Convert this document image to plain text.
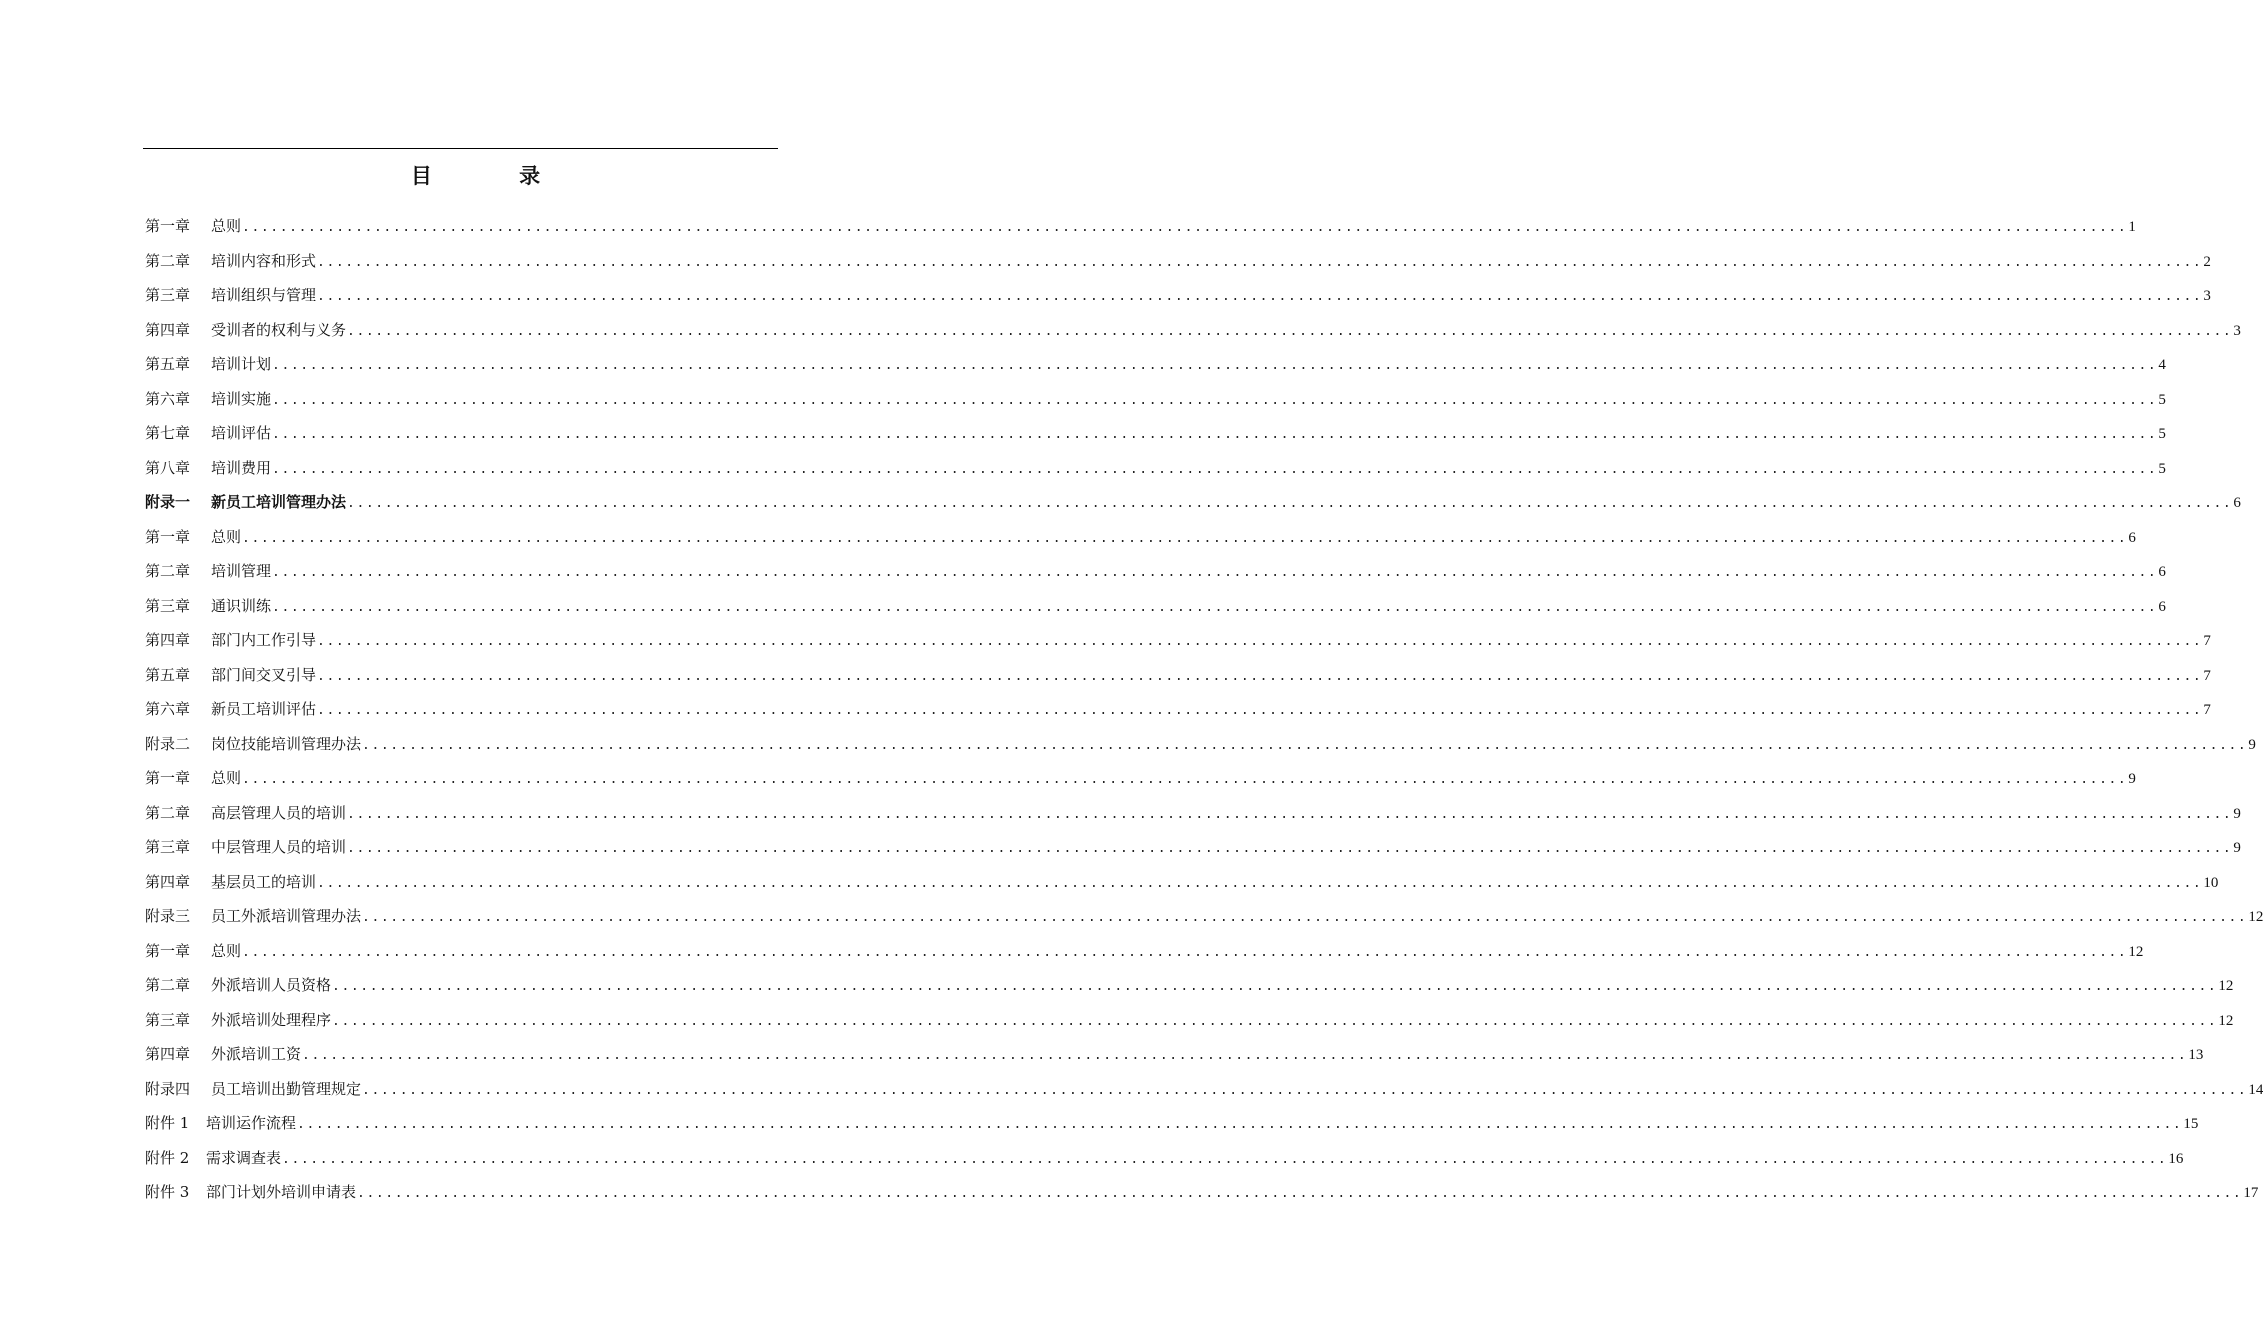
目 录
第一章 总则 ........................................................................................................................................................................................................ 1
第二章 培训内容和形式 ........................................................................................................................................................................................................ 2
第三章 培训组织与管理 ........................................................................................................................................................................................................ 3
第四章 受训者的权利与义务 ........................................................................................................................................................................................................ 3
第五章 培训计划 ........................................................................................................................................................................................................ 4
第六章 培训实施 ........................................................................................................................................................................................................ 5
第七章 培训评估 ........................................................................................................................................................................................................ 5
第八章 培训费用 ........................................................................................................................................................................................................ 5
附录一 新员工培训管理办法 ........................................................................................................................................................................................................ 6
第一章 总则 ........................................................................................................................................................................................................ 6
第二章 培训管理 ........................................................................................................................................................................................................ 6
第三章 通识训练 ........................................................................................................................................................................................................ 6
第四章 部门内工作引导 ........................................................................................................................................................................................................ 7
第五章 部门间交叉引导 ........................................................................................................................................................................................................ 7
第六章 新员工培训评估 ........................................................................................................................................................................................................ 7
附录二 岗位技能培训管理办法 ........................................................................................................................................................................................................ 9
第一章 总则 ........................................................................................................................................................................................................ 9
第二章 高层管理人员的培训 ........................................................................................................................................................................................................ 9
第三章 中层管理人员的培训 ........................................................................................................................................................................................................ 9
第四章 基层员工的培训 ........................................................................................................................................................................................................ 10
附录三 员工外派培训管理办法 ........................................................................................................................................................................................................ 12
第一章 总则 ........................................................................................................................................................................................................ 12
第二章 外派培训人员资格 ........................................................................................................................................................................................................ 12
第三章 外派培训处理程序 ........................................................................................................................................................................................................ 12
第四章 外派培训工资 ........................................................................................................................................................................................................ 13
附录四 员工培训出勤管理规定 ........................................................................................................................................................................................................ 14
附件 1 培训运作流程 ........................................................................................................................................................................................................ 15
附件 2 需求调查表 ........................................................................................................................................................................................................ 16
附件 3 部门计划外培训申请表 ........................................................................................................................................................................................................ 17
